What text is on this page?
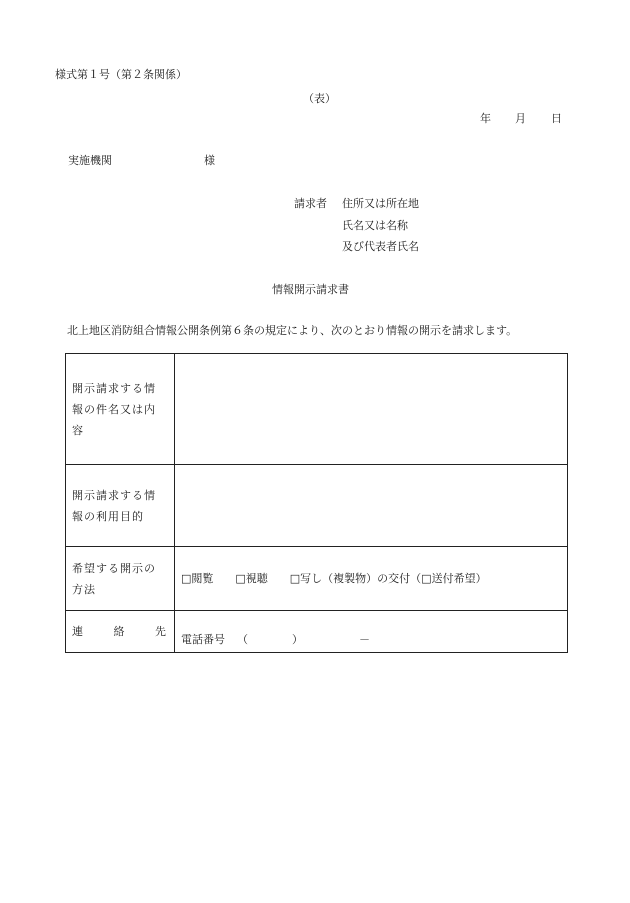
様式第１号（第２条関係）
（表）
年 月 日
実施機関	様
請求者 住所又は所在地
氏名又は名称
及び代表者氏名
情報開示請求書
北上地区消防組合情報公開条例第６条の規定により、次のとおり情報の開示を請求します。
開示請求する情
報の件名又は内
容	

開示請求する情
報の利用目的	

希望する開示の
方法	□閲覧　　□視聴　　□写し（複製物）の交付（□送付希望）

連 絡 先	電話番号 （ ） －
